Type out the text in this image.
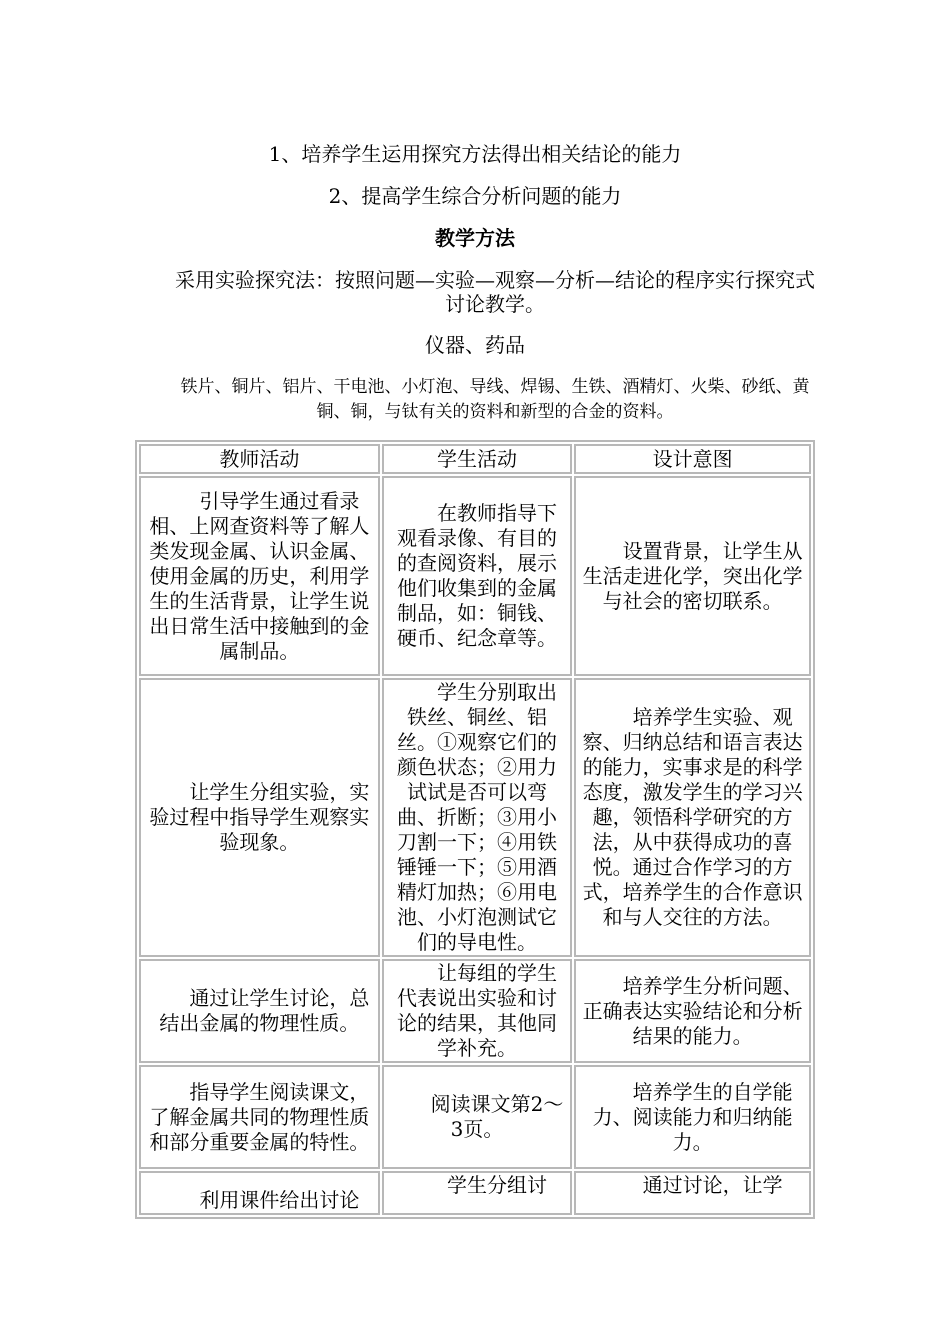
1、培养学生运用探究方法得出相关结论的能力

2、提高学生综合分析问题的能力

教学方法

采用实验探究法：按照问题—实验—观察—分析—结论的程序实行探究式讨论教学。

仪器、药品

铁片、铜片、铝片、干电池、小灯泡、导线、焊锡、生铁、酒精灯、火柴、砂纸、黄铜、铜，与钛有关的资料和新型的合金的资料。

教师活动	学生活动	设计意图
引导学生通过看录相、上网查资料等了解人类发现金属、认识金属、使用金属的历史，利用学生的生活背景，让学生说出日常生活中接触到的金属制品。	在教师指导下观看录像、有目的的查阅资料，展示他们收集到的金属制品，如：铜钱、硬币、纪念章等。	设置背景，让学生从生活走进化学，突出化学与社会的密切联系。
让学生分组实验，实验过程中指导学生观察实验现象。	学生分别取出铁丝、铜丝、铝丝。①观察它们的颜色状态；②用力试试是否可以弯曲、折断；③用小刀割一下；④用铁锤锤一下；⑤用酒精灯加热；⑥用电池、小灯泡测试它们的导电性。	培养学生实验、观察、归纳总结和语言表达的能力，实事求是的科学态度，激发学生的学习兴趣，领悟科学研究的方法，从中获得成功的喜悦。通过合作学习的方式，培养学生的合作意识和与人交往的方法。
通过让学生讨论，总结出金属的物理性质。	让每组的学生代表说出实验和讨论的结果，其他同学补充。	培养学生分析问题、正确表达实验结论和分析结果的能力。
指导学生阅读课文，了解金属共同的物理性质和部分重要金属的特性。	阅读课文第2～3页。	培养学生的自学能力、阅读能力和归纳能力。
利用课件给出讨论	学生分组讨	通过讨论，让学
